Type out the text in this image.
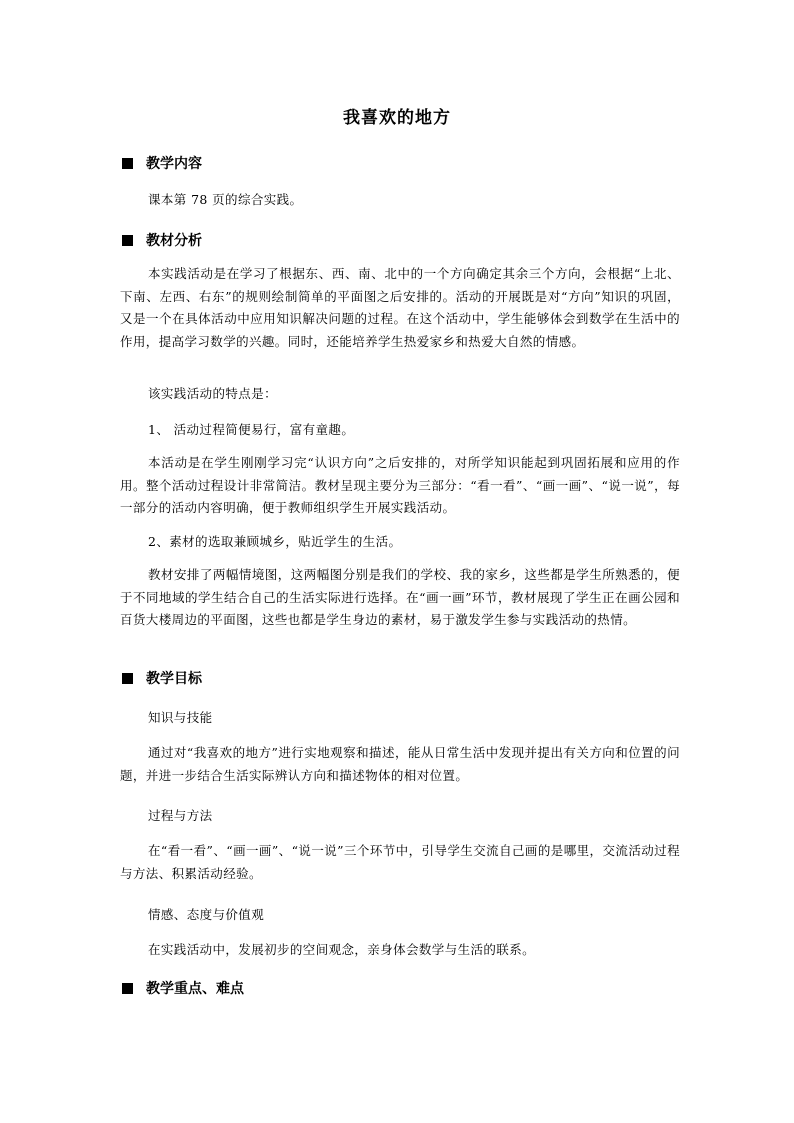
我喜欢的地方
教学内容
课本第 78 页的综合实践。
教材分析
本实践活动是在学习了根据东、西、南、北中的一个方向确定其余三个方向，会根据“上北、下南、左西、右东”的规则绘制简单的平面图之后安排的。活动的开展既是对“方向”知识的巩固，又是一个在具体活动中应用知识解决问题的过程。在这个活动中，学生能够体会到数学在生活中的作用，提高学习数学的兴趣。同时，还能培养学生热爱家乡和热爱大自然的情感。
该实践活动的特点是：
1、 活动过程简便易行，富有童趣。
本活动是在学生刚刚学习完“认识方向”之后安排的，对所学知识能起到巩固拓展和应用的作用。整个活动过程设计非常简洁。教材呈现主要分为三部分：“看一看”、“画一画”、“说一说”，每一部分的活动内容明确，便于教师组织学生开展实践活动。
2、素材的选取兼顾城乡，贴近学生的生活。
教材安排了两幅情境图，这两幅图分别是我们的学校、我的家乡，这些都是学生所熟悉的，便于不同地域的学生结合自己的生活实际进行选择。在“画一画”环节，教材展现了学生正在画公园和百货大楼周边的平面图，这些也都是学生身边的素材，易于激发学生参与实践活动的热情。
教学目标
知识与技能
通过对“我喜欢的地方”进行实地观察和描述，能从日常生活中发现并提出有关方向和位置的问题，并进一步结合生活实际辨认方向和描述物体的相对位置。
过程与方法
在“看一看”、“画一画”、“说一说”三个环节中，引导学生交流自己画的是哪里，交流活动过程与方法、积累活动经验。
情感、态度与价值观
在实践活动中，发展初步的空间观念，亲身体会数学与生活的联系。
教学重点、难点
